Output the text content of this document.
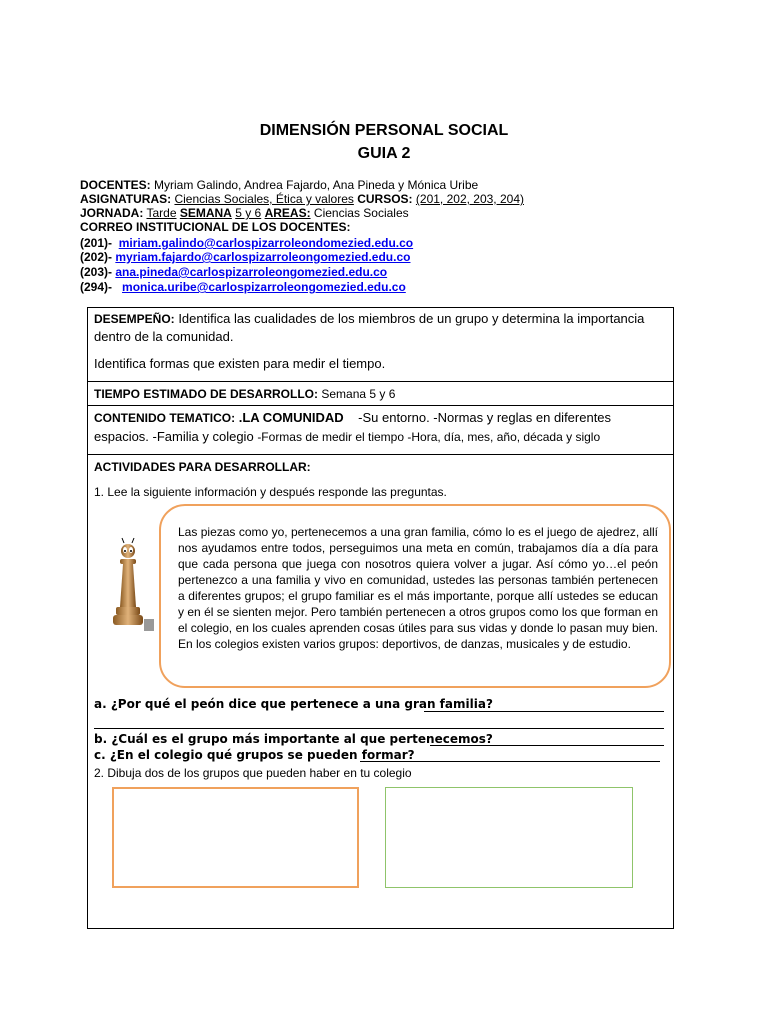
DIMENSIÓN PERSONAL SOCIAL
GUIA 2
DOCENTES: Myriam Galindo, Andrea Fajardo, Ana Pineda y Mónica Uribe
ASIGNATURAS: Ciencias Sociales, Ética y valores CURSOS: (201, 202, 203, 204)
JORNADA: Tarde SEMANA 5 y 6 AREAS: Ciencias Sociales
CORREO INSTITUCIONAL DE LOS DOCENTES:
(201)- miriam.galindo@carlospizarroleondomezied.edu.co
(202)- myriam.fajardo@carlospizarroleongomezied.edu.co
(203)- ana.pineda@carlospizarroleongomezied.edu.co
(294)- monica.uribe@carlospizarroleongomezied.edu.co
DESEMPEÑO: Identifica las cualidades de los miembros de un grupo y determina la importancia dentro de la comunidad.
Identifica formas que existen para medir el tiempo.
TIEMPO ESTIMADO DE DESARROLLO: Semana 5 y 6
CONTENIDO TEMATICO: .LA COMUNIDAD -Su entorno. -Normas y reglas en diferentes
espacios. -Familia y colegio -Formas de medir el tiempo -Hora, día, mes, año, década y siglo
ACTIVIDADES PARA DESARROLLAR:
1. Lee la siguiente información y después responde las preguntas.
Las piezas como yo, pertenecemos a una gran familia, cómo lo es el juego de ajedrez, allí nos ayudamos entre todos, perseguimos una meta en común, trabajamos día a día para que cada persona que juega con nosotros quiera volver a jugar. Así cómo yo…el peón pertenezco a una familia y vivo en comunidad, ustedes las personas también pertenecen a diferentes grupos; el grupo familiar es el más importante, porque allí ustedes se educan y en él se sienten mejor. Pero también pertenecen a otros grupos como los que forman en el colegio, en los cuales aprenden cosas útiles para sus vidas y donde lo pasan muy bien. En los colegios existen varios grupos: deportivos, de danzas, musicales y de estudio.
a. ¿Por qué el peón dice que pertenece a una gran familia?
b. ¿Cuál es el grupo más importante al que pertenecemos?
c. ¿En el colegio qué grupos se pueden formar?
2. Dibuja dos de los grupos que pueden haber en tu colegio
